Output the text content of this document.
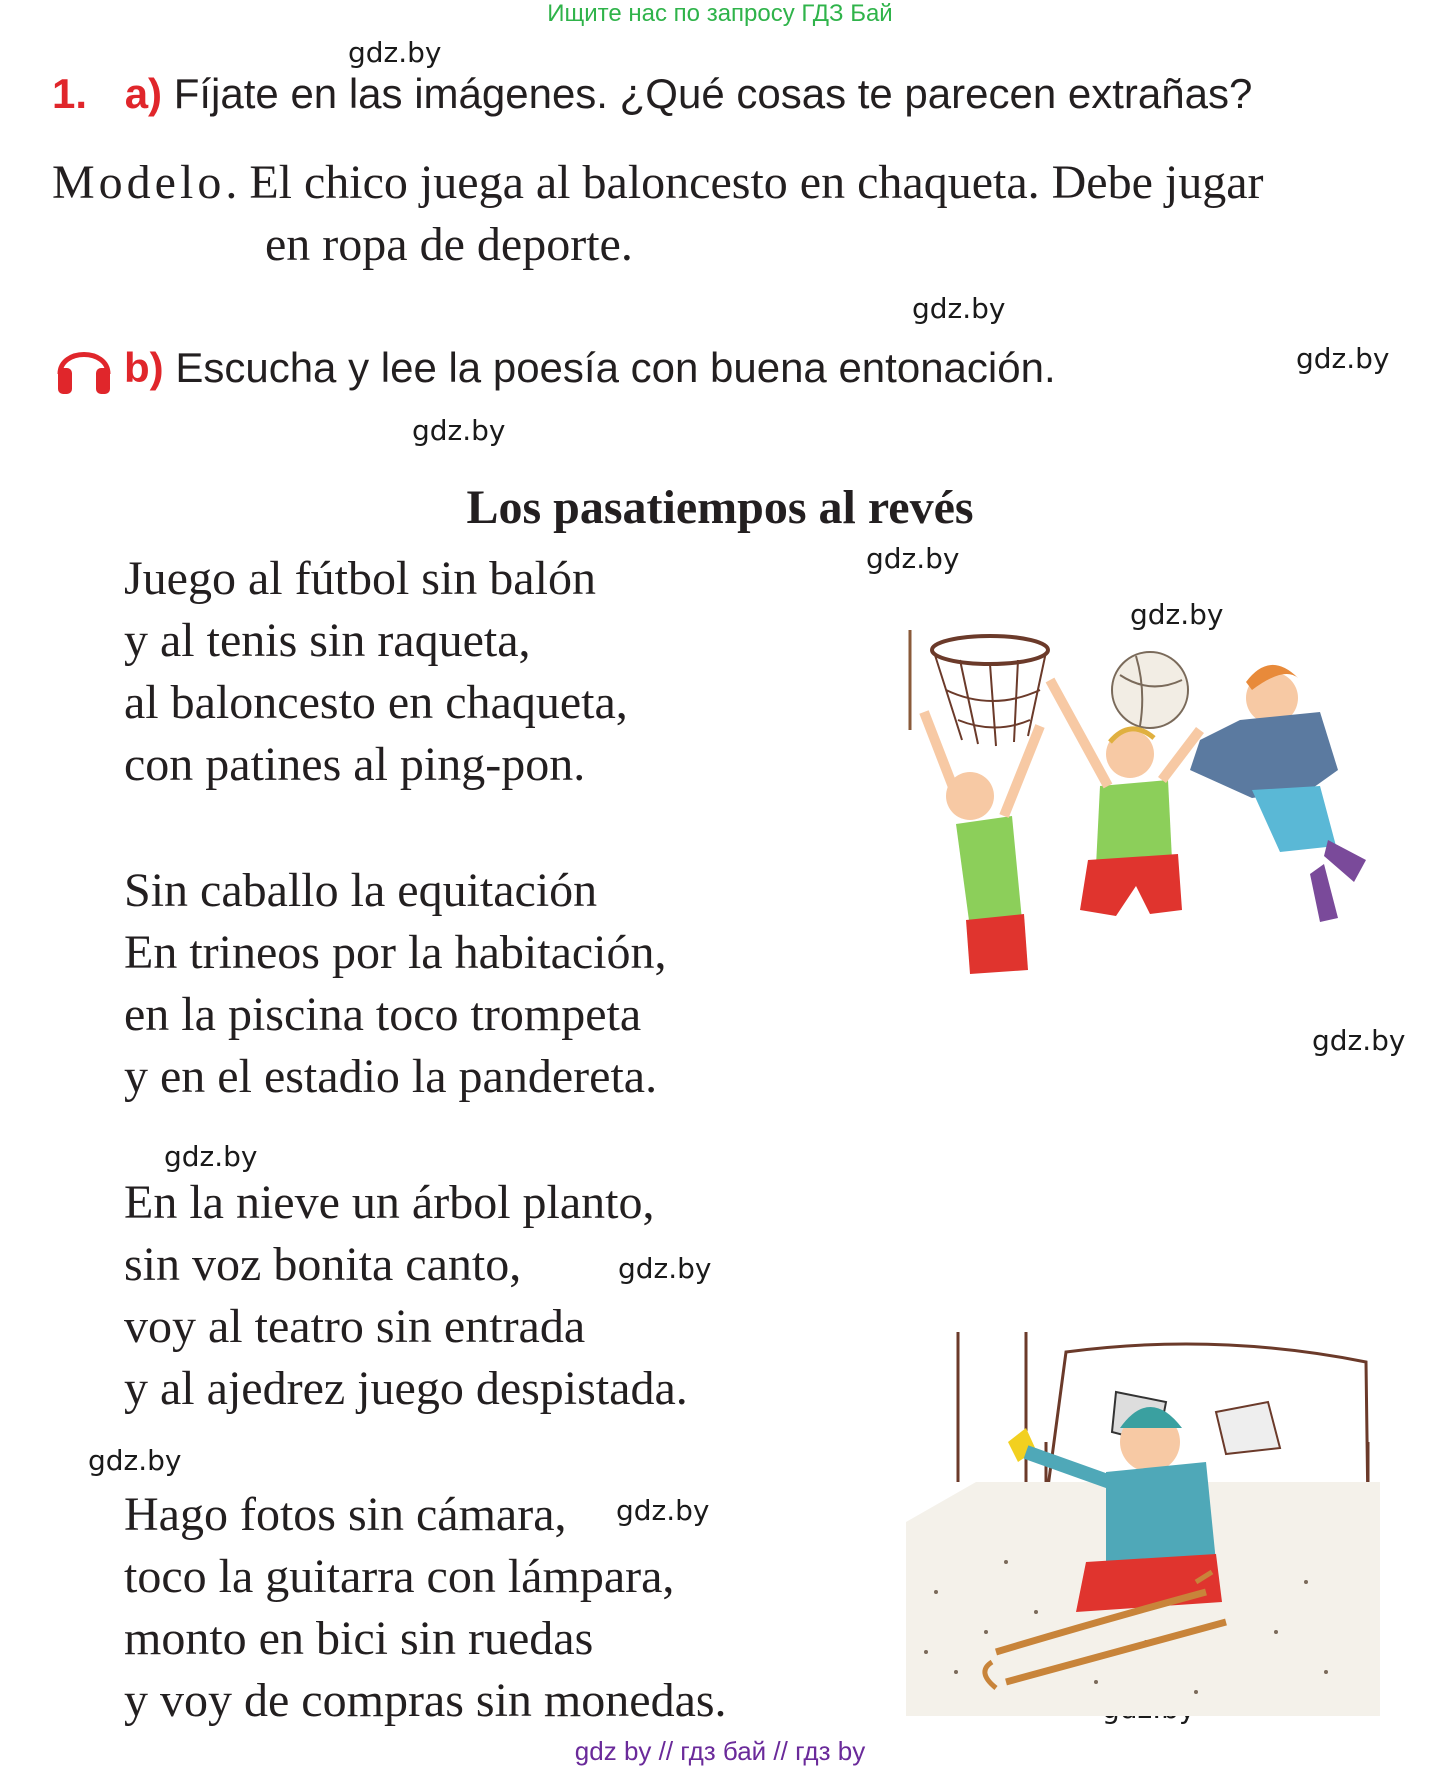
Ищите нас по запросу ГДЗ Бай
gdz.by
gdz.by
gdz.by
gdz.by
gdz.by
gdz.by
gdz.by
gdz.by
gdz.by
gdz.by
gdz.by
1. a) Fíjate en las imágenes. ¿Qué cosas te parecen extrañas?
Modelo. El chico juega al baloncesto en chaqueta. Debe jugar
en ropa de deporte.
b) Escucha y lee la poesía con buena entonación.
Los pasatiempos al revés
Juego al fútbol sin balón
y al tenis sin raqueta,
al baloncesto en chaqueta,
con patines al ping-pon.
Sin caballo la equitación
En trineos por la habitación,
en la piscina toco trompeta
y en el estadio la pandereta.
En la nieve un árbol planto,
sin voz bonita canto,
voy al teatro sin entrada
y al ajedrez juego despistada.
Hago fotos sin cámara,
toco la guitarra con lámpara,
monto en bici sin ruedas
y voy de compras sin monedas.
gdz by // гдз бай // гдз by
